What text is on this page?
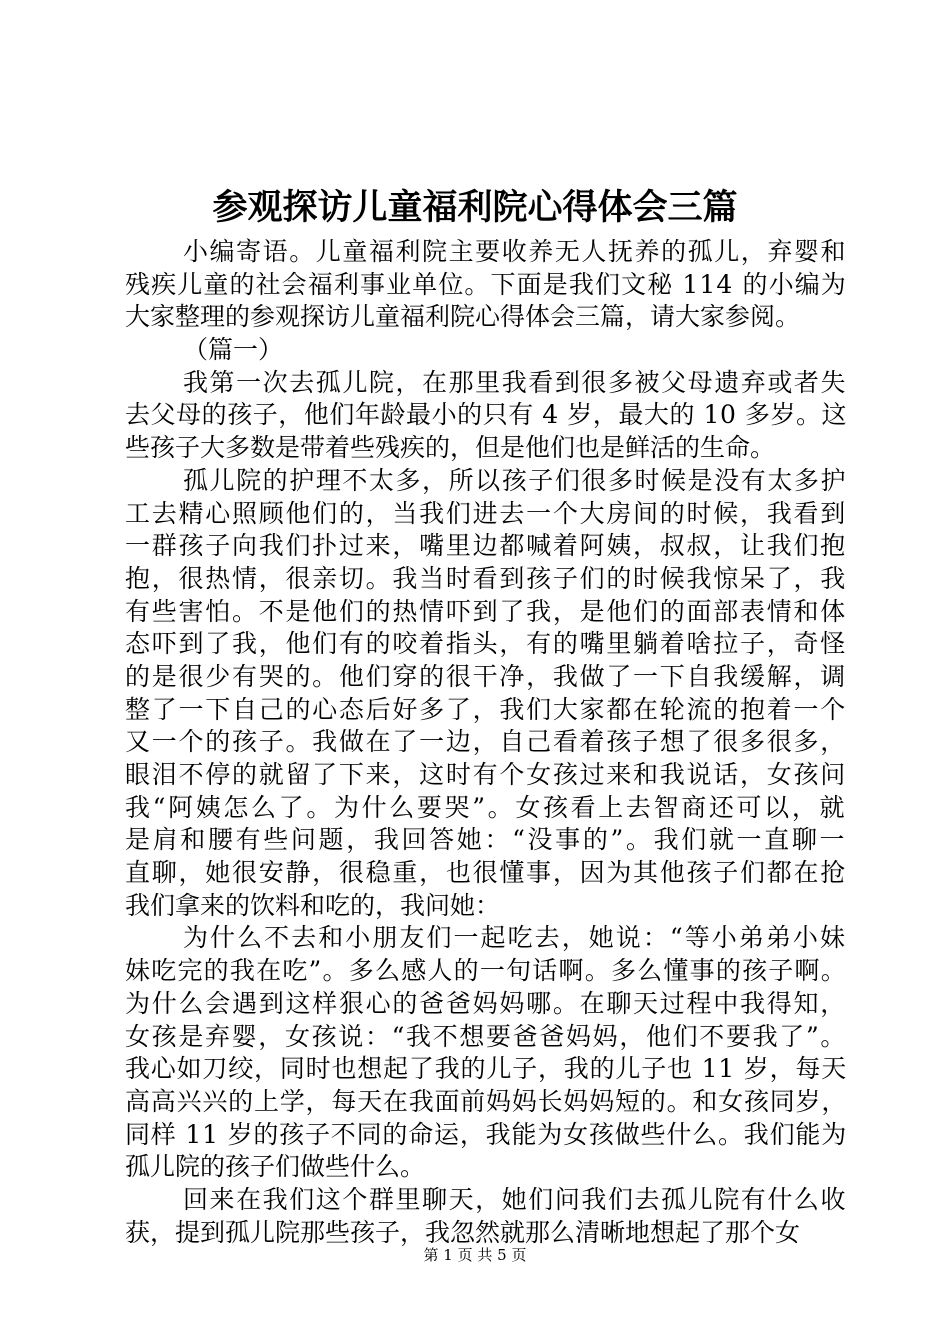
参观探访儿童福利院心得体会三篇
小编寄语。儿童福利院主要收养无人抚养的孤儿，弃婴和
残疾儿童的社会福利事业单位。下面是我们文秘 114 的小编为
大家整理的参观探访儿童福利院心得体会三篇，请大家参阅。
（篇一）
我第一次去孤儿院，在那里我看到很多被父母遗弃或者失
去父母的孩子，他们年龄最小的只有 4 岁，最大的 10 多岁。这
些孩子大多数是带着些残疾的，但是他们也是鲜活的生命。
孤儿院的护理不太多，所以孩子们很多时候是没有太多护
工去精心照顾他们的，当我们进去一个大房间的时候，我看到
一群孩子向我们扑过来，嘴里边都喊着阿姨，叔叔，让我们抱
抱，很热情，很亲切。我当时看到孩子们的时候我惊呆了，我
有些害怕。不是他们的热情吓到了我，是他们的面部表情和体
态吓到了我，他们有的咬着指头，有的嘴里躺着啥拉子，奇怪
的是很少有哭的。他们穿的很干净，我做了一下自我缓解，调
整了一下自己的心态后好多了，我们大家都在轮流的抱着一个
又一个的孩子。我做在了一边，自己看着孩子想了很多很多，
眼泪不停的就留了下来，这时有个女孩过来和我说话，女孩问
我“阿姨怎么了。为什么要哭”。女孩看上去智商还可以，就
是肩和腰有些问题，我回答她：“没事的”。我们就一直聊一
直聊，她很安静，很稳重，也很懂事，因为其他孩子们都在抢
我们拿来的饮料和吃的，我问她：
为什么不去和小朋友们一起吃去，她说：“等小弟弟小妹
妹吃完的我在吃”。多么感人的一句话啊。多么懂事的孩子啊。
为什么会遇到这样狠心的爸爸妈妈哪。在聊天过程中我得知，
女孩是弃婴，女孩说：“我不想要爸爸妈妈，他们不要我了”。
我心如刀绞，同时也想起了我的儿子，我的儿子也 11 岁，每天
高高兴兴的上学，每天在我面前妈妈长妈妈短的。和女孩同岁，
同样 11 岁的孩子不同的命运，我能为女孩做些什么。我们能为
孤儿院的孩子们做些什么。
回来在我们这个群里聊天，她们问我们去孤儿院有什么收
获，提到孤儿院那些孩子，我忽然就那么清晰地想起了那个女
第 1 页 共 5 页
